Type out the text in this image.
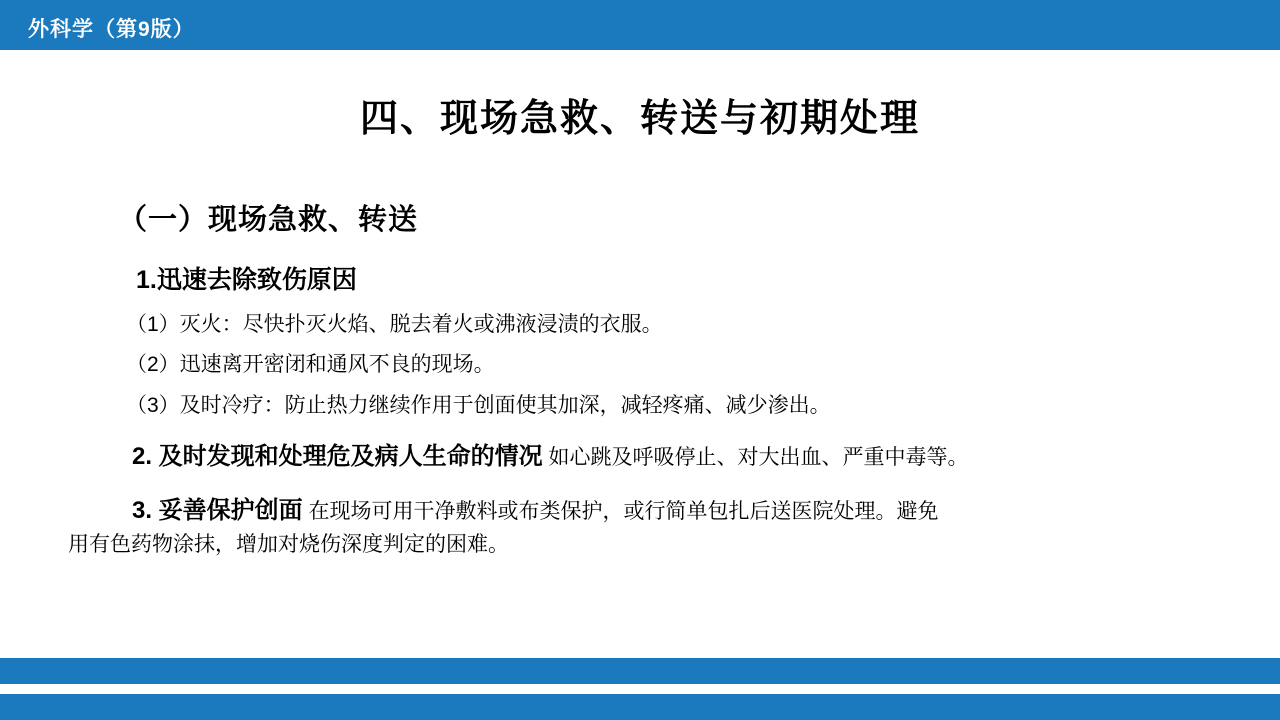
外科学（第9版）
四、现场急救、转送与初期处理
（一）现场急救、转送
1.迅速去除致伤原因
（1）灭火：尽快扑灭火焰、脱去着火或沸液浸渍的衣服。
（2）迅速离开密闭和通风不良的现场。
（3）及时冷疗：防止热力继续作用于创面使其加深，减轻疼痛、减少渗出。
2. 及时发现和处理危及病人生命的情况 如心跳及呼吸停止、对大出血、严重中毒等。
3. 妥善保护创面 在现场可用干净敷料或布类保护，或行简单包扎后送医院处理。避免
用有色药物涂抹，增加对烧伤深度判定的困难。
